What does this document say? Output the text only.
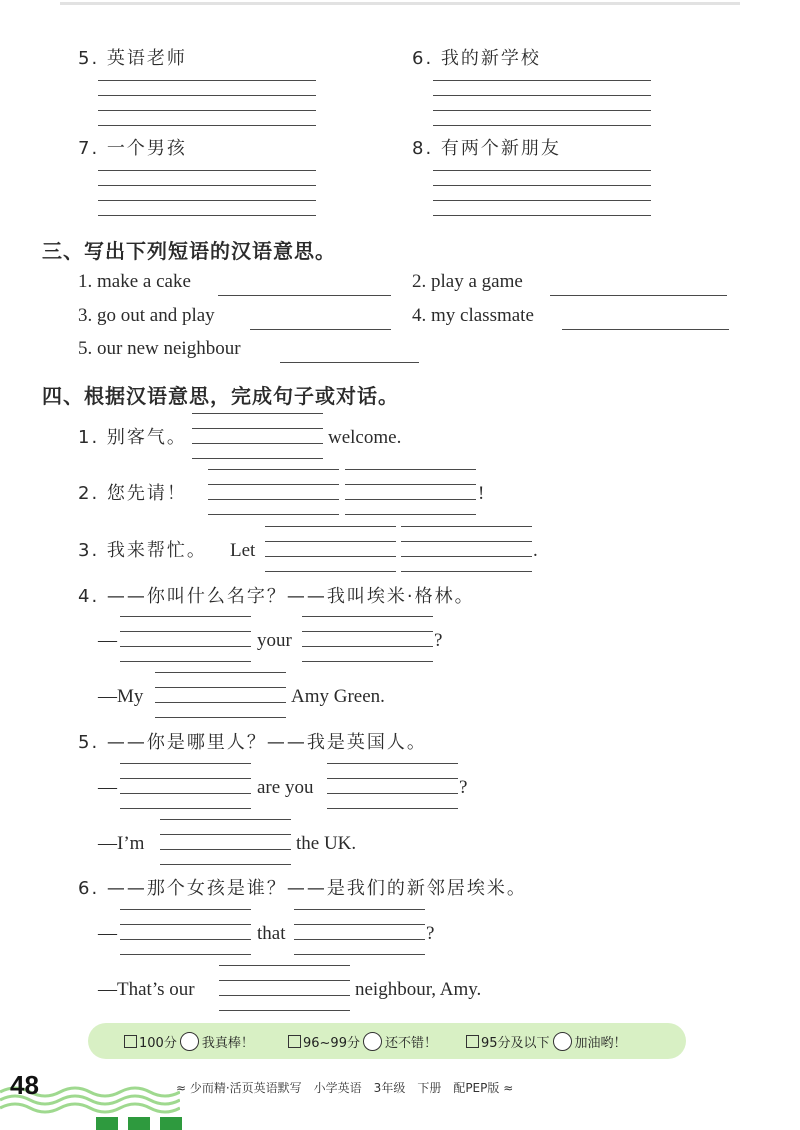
5. 英语老师	6. 我的新学校
7. 一个男孩	8. 有两个新朋友
三、写出下列短语的汉语意思。
1. make a cake	2. play a game
3. go out and play	4. my classmate
5. our new neighbour
四、根据汉语意思，完成句子或对话。
1. 别客气。	welcome.
2. 您先请！	!
3. 我来帮忙。 Let	.
4. ——你叫什么名字？——我叫埃米·格林。
—	your	?
—My	Amy Green.
5. ——你是哪里人？——我是英国人。
—	are you	?
—I’m	the UK.
6. ——那个女孩是谁？——是我们的新邻居埃米。
—	that	?
—That’s our	neighbour, Amy.
100分 我真棒！	96~99分 还不错！	95分及以下 加油哟！
48	≈ 少而精·活页英语默写　小学英语　3年级　下册　配PEP版 ≈
